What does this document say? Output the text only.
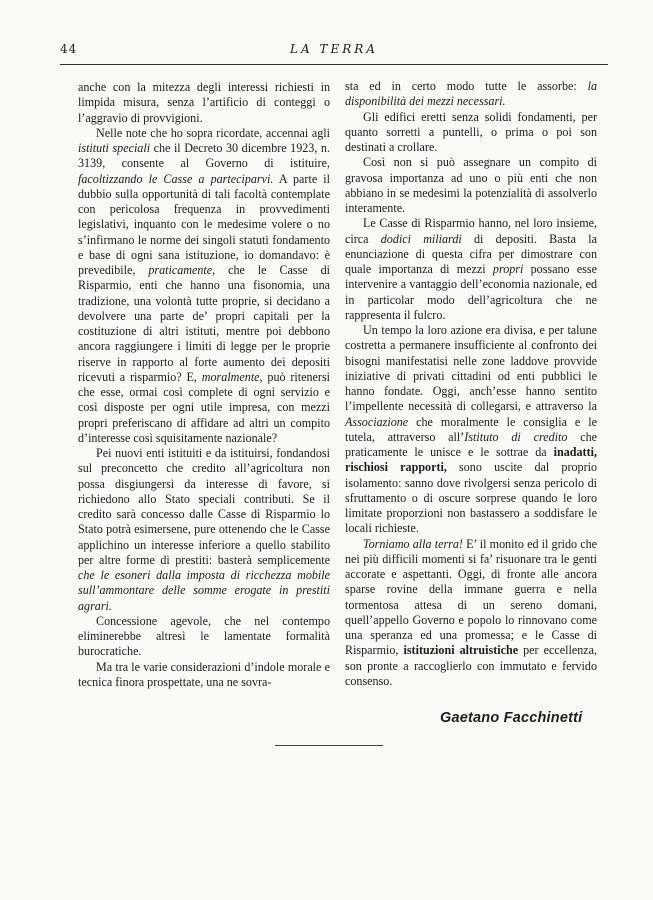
44	LA TERRA

anche con la mitezza degli interessi richiesti in limpida misura, senza l’artificio di conteggi o l’aggravio di provvigioni.

Nelle note che ho sopra ricordate, accennai agli istituti speciali che il Decreto 30 dicembre 1923, n. 3139, consente al Governo di istituire, facoltizzando le Casse a parteciparvi. A parte il dubbio sulla opportunità di tali facoltà contemplate con pericolosa frequenza in provvedimenti legislativi, inquanto con le medesime volere o no s’infirmano le norme dei singoli statuti fondamento e base di ogni sana istituzione, io domandavo: è prevedibile, praticamente, che le Casse di Risparmio, enti che hanno una fisonomia, una tradizione, una volontà tutte proprie, si decidano a devolvere una parte de’ propri capitali per la costituzione di altri istituti, mentre poi debbono ancora raggiungere i limiti di legge per le proprie riserve in rapporto al forte aumento dei depositi ricevuti a risparmio? E, moralmente, può ritenersi che esse, ormai così complete di ogni servizio e così disposte per ogni utile impresa, con mezzi propri preferiscano di affidare ad altri un compito d’interesse così squisitamente nazionale?

Pei nuovi enti istituiti e da istituirsi, fondandosi sul preconcetto che credito all’agricoltura non possa disgiungersi da interesse di favore, si richiedono allo Stato speciali contributi. Se il credito sarà concesso dalle Casse di Risparmio lo Stato potrà esimersene, pure ottenendo che le Casse applichino un interesse inferiore a quello stabilito per altre forme di prestiti: basterà semplicemente che le esoneri dalla imposta di ricchezza mobile sull’ammontare delle somme erogate in prestiti agrari.

Concessione agevole, che nel contempo eliminerebbe altresì le lamentate formalità burocratiche.

Ma tra le varie considerazioni d’indole morale e tecnica finora prospettate, una ne sovra-

sta ed in certo modo tutte le assorbe: la disponibilità dei mezzi necessari.

Gli edifici eretti senza solidi fondamenti, per quanto sorretti a puntelli, o prima o poi son destinati a crollare.

Così non si può assegnare un compito di gravosa importanza ad uno o più enti che non abbiano in se medesimi la potenzialità di assolverlo interamente.

Le Casse di Risparmio hanno, nel loro insieme, circa dodici miliardi di depositi. Basta la enunciazione di questa cifra per dimostrare con quale importanza di mezzi propri possano esse intervenire a vantaggio dell’economia nazionale, ed in particolar modo dell’agricoltura che ne rappresenta il fulcro.

Un tempo la loro azione era divisa, e per talune costretta a permanere insufficiente al confronto dei bisogni manifestatisi nelle zone laddove provvide iniziative di privati cittadini od enti pubblici le hanno fondate. Oggi, anch’esse hanno sentito l’impellente necessità di collegarsi, e attraverso la Associazione che moralmente le consiglia e le tutela, attraverso all’Istituto di credito che praticamente le unisce e le sottrae da inadatti, rischiosi rapporti, sono uscite dal proprio isolamento: sanno dove rivolgersi senza pericolo di sfruttamento o di oscure sorprese quando le loro limitate proporzioni non bastassero a soddisfare le locali richieste.

Torniamo alla terra! E’ il monito ed il grido che nei più difficili momenti si fa’ risuonare tra le genti accorate e aspettanti. Oggi, di fronte alle ancora sparse rovine della immane guerra e nella tormentosa attesa di un sereno domani, quell’appello Governo e popolo lo rinnovano come una speranza ed una promessa; e le Casse di Risparmio, istituzioni altruistiche per eccellenza, son pronte a raccoglierlo con immutato e fervido consenso.

Gaetano Facchinetti
